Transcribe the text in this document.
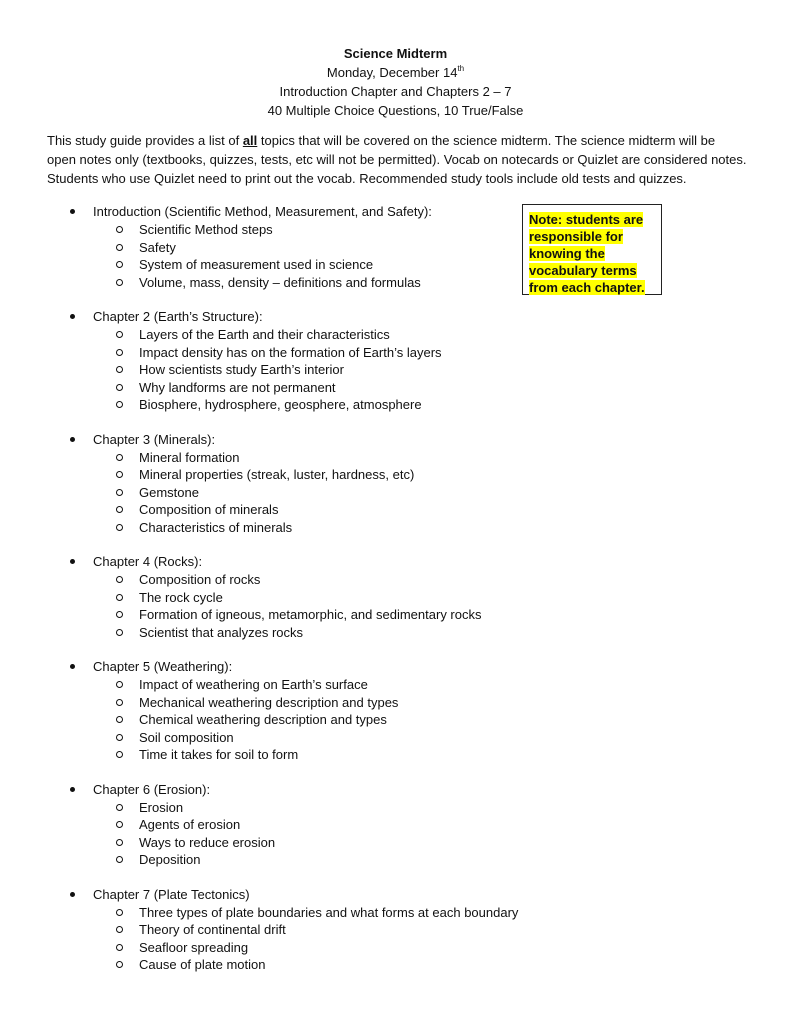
Science Midterm
Monday, December 14th
Introduction Chapter and Chapters 2 – 7
40 Multiple Choice Questions, 10 True/False
This study guide provides a list of all topics that will be covered on the science midterm. The science midterm will be open notes only (textbooks, quizzes, tests, etc will not be permitted). Vocab on notecards or Quizlet are considered notes. Students who use Quizlet need to print out the vocab. Recommended study tools include old tests and quizzes.
Note: students are responsible for knowing the vocabulary terms from each chapter.
Introduction (Scientific Method, Measurement, and Safety):
Scientific Method steps
Safety
System of measurement used in science
Volume, mass, density – definitions and formulas
Chapter 2 (Earth’s Structure):
Layers of the Earth and their characteristics
Impact density has on the formation of Earth’s layers
How scientists study Earth’s interior
Why landforms are not permanent
Biosphere, hydrosphere, geosphere, atmosphere
Chapter 3 (Minerals):
Mineral formation
Mineral properties (streak, luster, hardness, etc)
Gemstone
Composition of minerals
Characteristics of minerals
Chapter 4 (Rocks):
Composition of rocks
The rock cycle
Formation of igneous, metamorphic, and sedimentary rocks
Scientist that analyzes rocks
Chapter 5 (Weathering):
Impact of weathering on Earth’s surface
Mechanical weathering description and types
Chemical weathering description and types
Soil composition
Time it takes for soil to form
Chapter 6 (Erosion):
Erosion
Agents of erosion
Ways to reduce erosion
Deposition
Chapter 7 (Plate Tectonics)
Three types of plate boundaries and what forms at each boundary
Theory of continental drift
Seafloor spreading
Cause of plate motion
